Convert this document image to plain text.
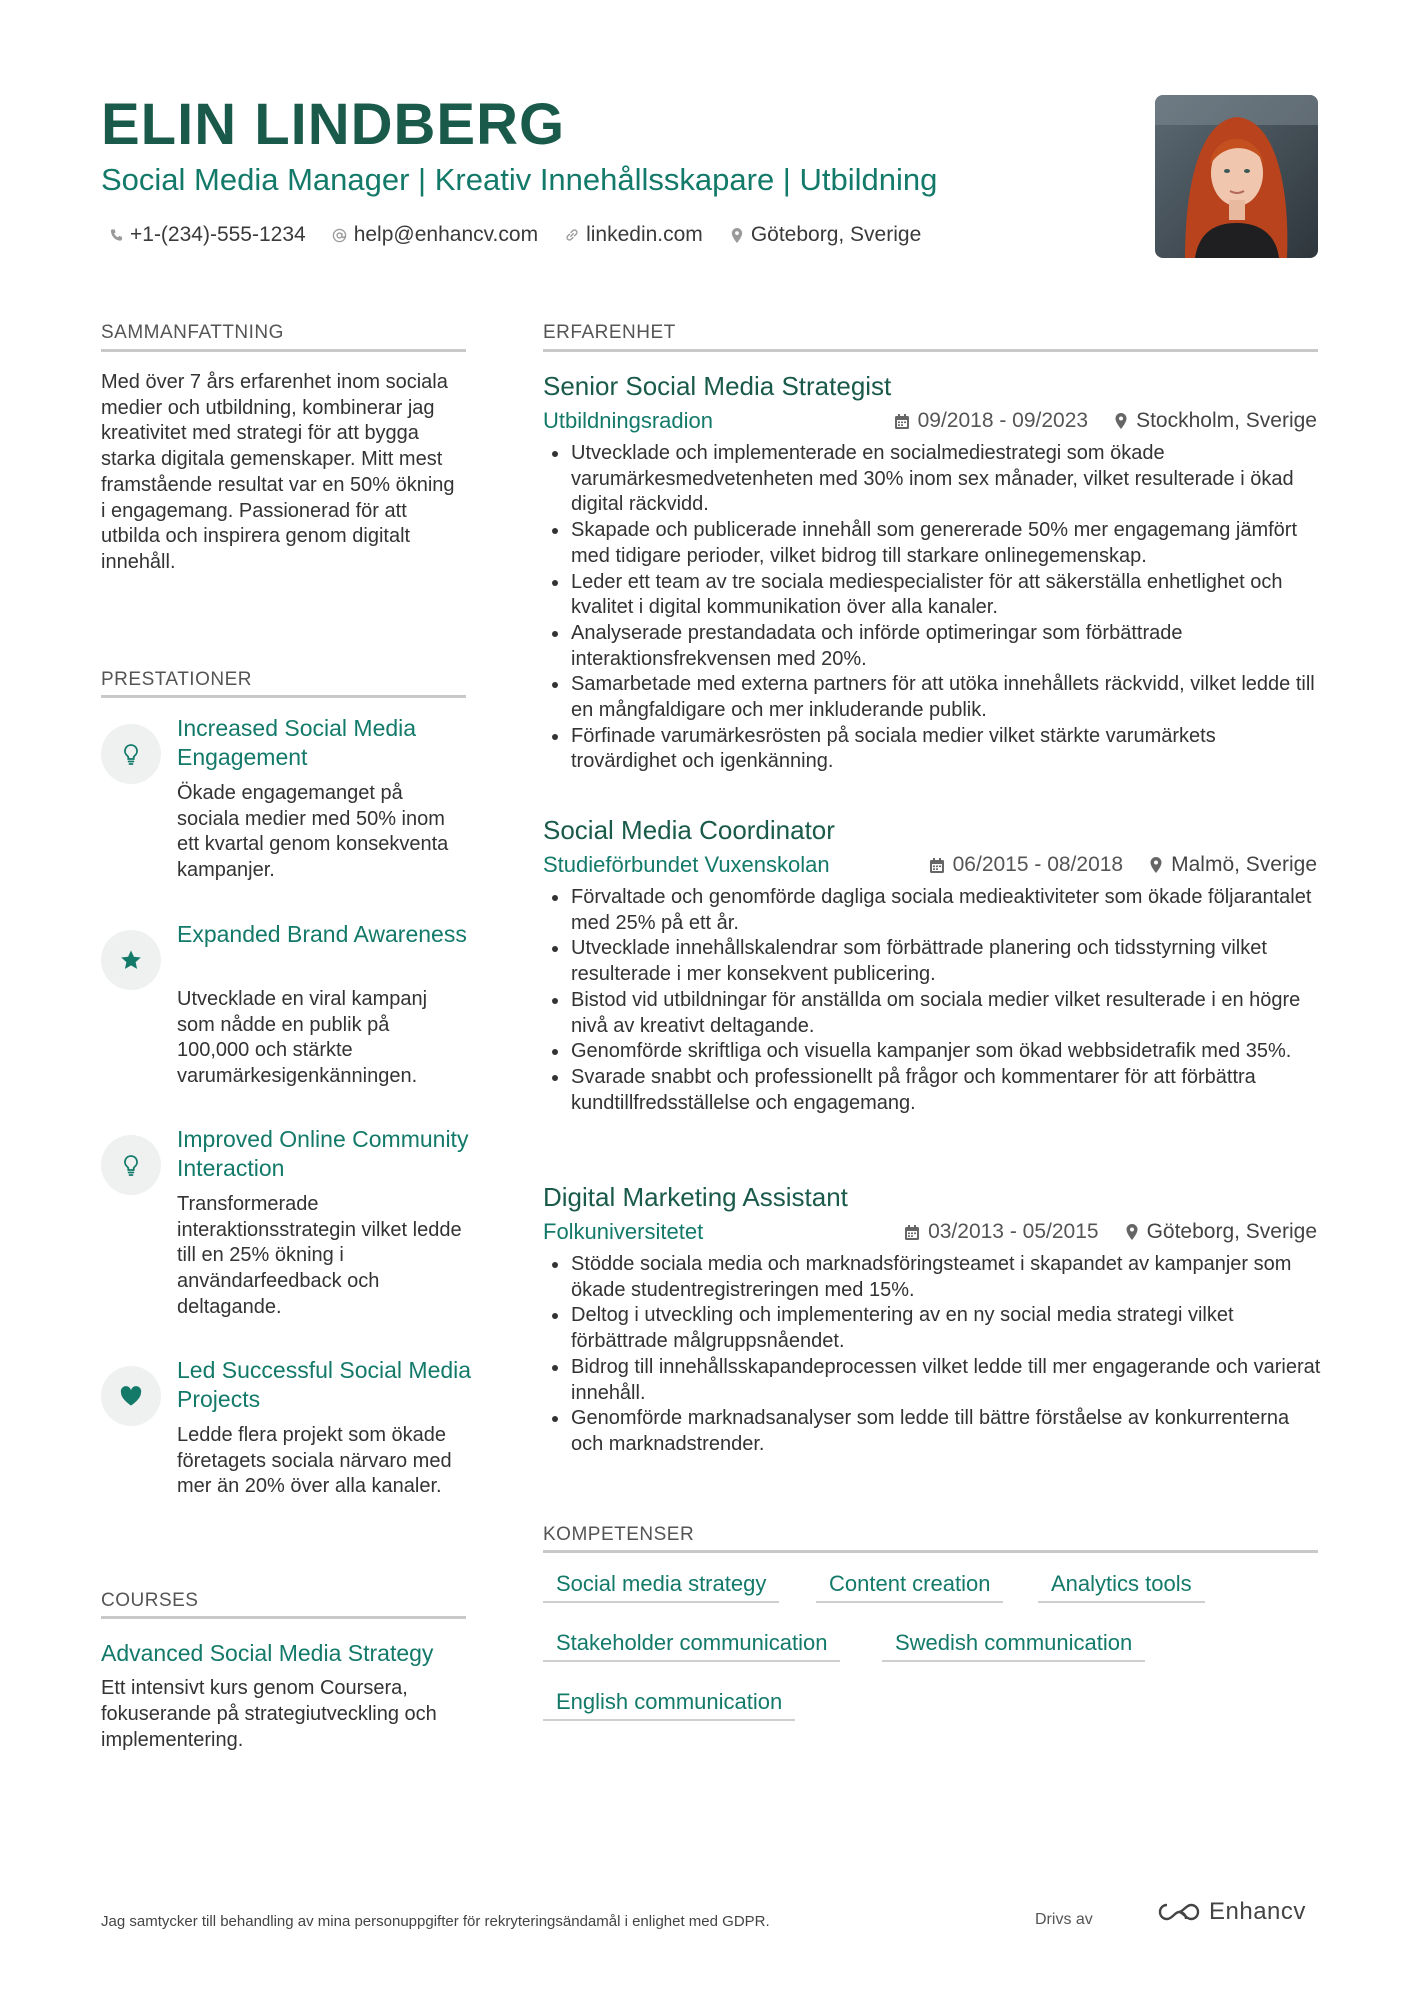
ELIN LINDBERG
Social Media Manager | Kreativ Innehållsskapare | Utbildning
+1-(234)-555-1234 help@enhancv.com linkedin.com Göteborg, Sverige
SAMMANFATTNING
Med över 7 års erfarenhet inom sociala medier och utbildning, kombinerar jag kreativitet med strategi för att bygga starka digitala gemenskaper. Mitt mest framstående resultat var en 50% ökning i engagemang. Passionerad för att utbilda och inspirera genom digitalt innehåll.
PRESTATIONER
Increased Social Media Engagement
Ökade engagemanget på sociala medier med 50% inom ett kvartal genom konsekventa kampanjer.
Expanded Brand Awareness
Utvecklade en viral kampanj som nådde en publik på 100,000 och stärkte varumärkesigenkänningen.
Improved Online Community Interaction
Transformerade interaktionsstrategin vilket ledde till en 25% ökning i användarfeedback och deltagande.
Led Successful Social Media Projects
Ledde flera projekt som ökade företagets sociala närvaro med mer än 20% över alla kanaler.
COURSES
Advanced Social Media Strategy
Ett intensivt kurs genom Coursera, fokuserande på strategiutveckling och implementering.
ERFARENHET
Senior Social Media Strategist
Utbildningsradion	09/2018 - 09/2023 Stockholm, Sverige
Utvecklade och implementerade en socialmediestrategi som ökade varumärkesmedvetenheten med 30% inom sex månader, vilket resulterade i ökad digital räckvidd.
Skapade och publicerade innehåll som genererade 50% mer engagemang jämfört med tidigare perioder, vilket bidrog till starkare onlinegemenskap.
Leder ett team av tre sociala mediespecialister för att säkerställa enhetlighet och kvalitet i digital kommunikation över alla kanaler.
Analyserade prestandadata och införde optimeringar som förbättrade interaktionsfrekvensen med 20%.
Samarbetade med externa partners för att utöka innehållets räckvidd, vilket ledde till en mångfaldigare och mer inkluderande publik.
Förfinade varumärkesrösten på sociala medier vilket stärkte varumärkets trovärdighet och igenkänning.
Social Media Coordinator
Studieförbundet Vuxenskolan	06/2015 - 08/2018 Malmö, Sverige
Förvaltade och genomförde dagliga sociala medieaktiviteter som ökade följarantalet med 25% på ett år.
Utvecklade innehållskalendrar som förbättrade planering och tidsstyrning vilket resulterade i mer konsekvent publicering.
Bistod vid utbildningar för anställda om sociala medier vilket resulterade i en högre nivå av kreativt deltagande.
Genomförde skriftliga och visuella kampanjer som ökad webbsidetrafik med 35%.
Svarade snabbt och professionellt på frågor och kommentarer för att förbättra kundtillfredsställelse och engagemang.
Digital Marketing Assistant
Folkuniversitetet	03/2013 - 05/2015 Göteborg, Sverige
Stödde sociala media och marknadsföringsteamet i skapandet av kampanjer som ökade studentregistreringen med 15%.
Deltog i utveckling och implementering av en ny social media strategi vilket förbättrade målgruppsnåendet.
Bidrog till innehållsskapandeprocessen vilket ledde till mer engagerande och varierat innehåll.
Genomförde marknadsanalyser som ledde till bättre förståelse av konkurrenterna och marknadstrender.
KOMPETENSER
Social media strategy	Content creation	Analytics tools
Stakeholder communication	Swedish communication
English communication
Jag samtycker till behandling av mina personuppgifter för rekryteringsändamål i enlighet med GDPR.	Drivs av	Enhancv
